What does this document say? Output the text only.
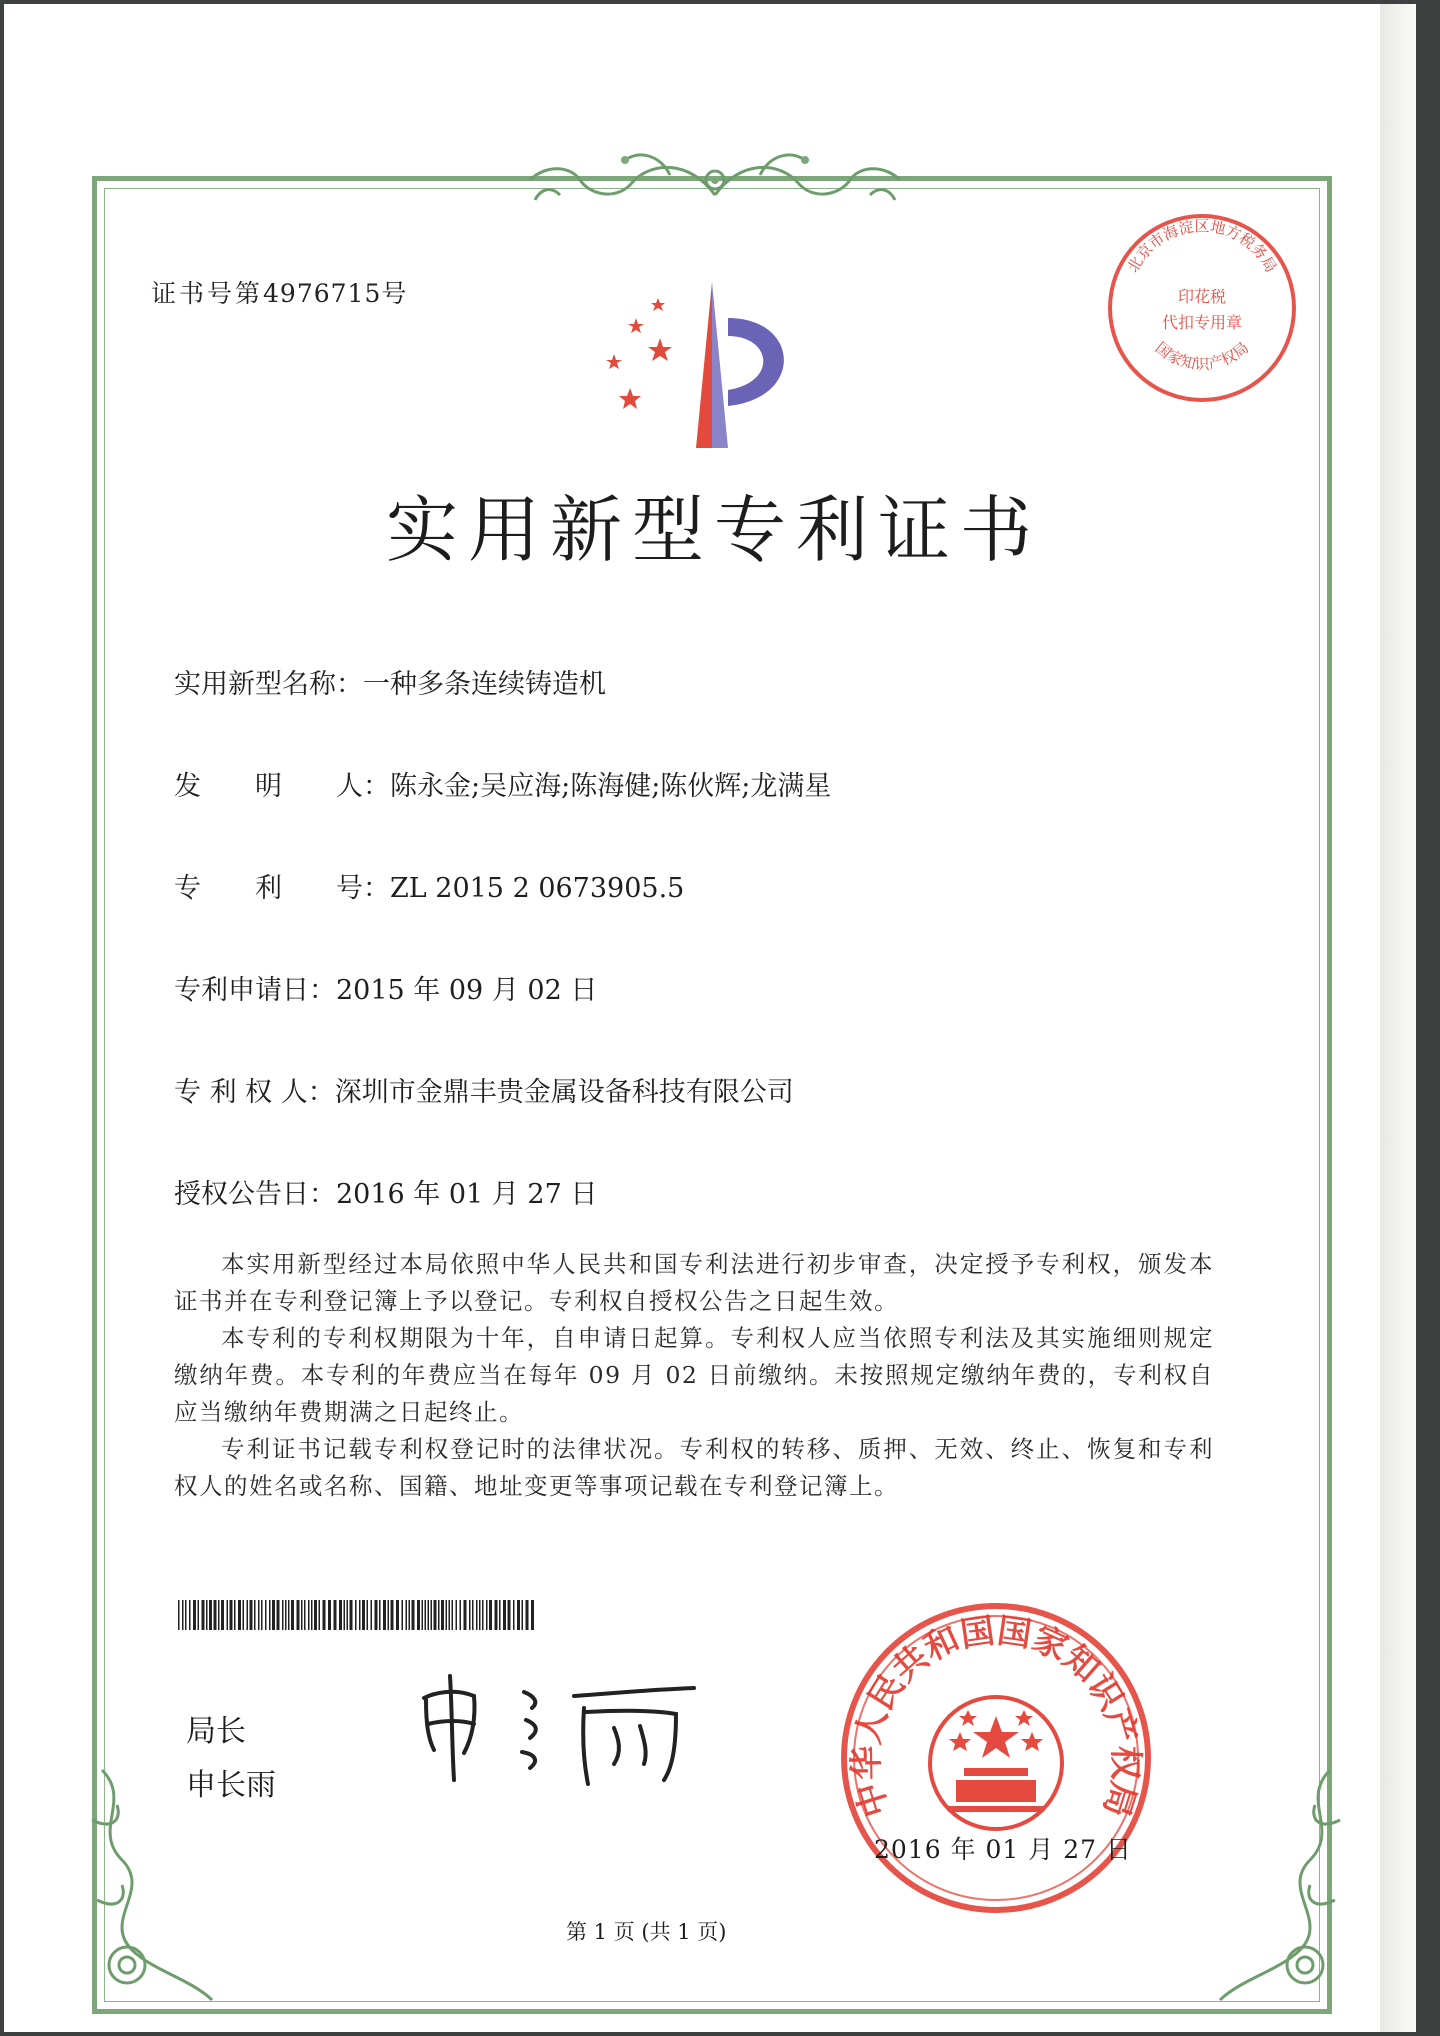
证书号第4976715号
北京市海淀区地方税务局
国家知识产权局
印花税
代扣专用章
实用新型专利证书
实用新型名称：一种多条连续铸造机
发　　明　　人：陈永金;吴应海;陈海健;陈伙辉;龙满星
专　　利　　号：ZL 2015 2 0673905.5
专利申请日：2015 年 09 月 02 日
专 利 权 人：深圳市金鼎丰贵金属设备科技有限公司
授权公告日：2016 年 01 月 27 日

本实用新型经过本局依照中华人民共和国专利法进行初步审查，决定授予专利权，颁发本证书并在专利登记簿上予以登记。专利权自授权公告之日起生效。

本专利的专利权期限为十年，自申请日起算。专利权人应当依照专利法及其实施细则规定缴纳年费。本专利的年费应当在每年 09 月 02 日前缴纳。未按照规定缴纳年费的，专利权自应当缴纳年费期满之日起终止。

专利证书记载专利权登记时的法律状况。专利权的转移、质押、无效、终止、恢复和专利权人的姓名或名称、国籍、地址变更等事项记载在专利登记簿上。

局长
申长雨	中华人民共和国国家知识产权局
2016 年 01 月 27 日
第 1 页 (共 1 页)
